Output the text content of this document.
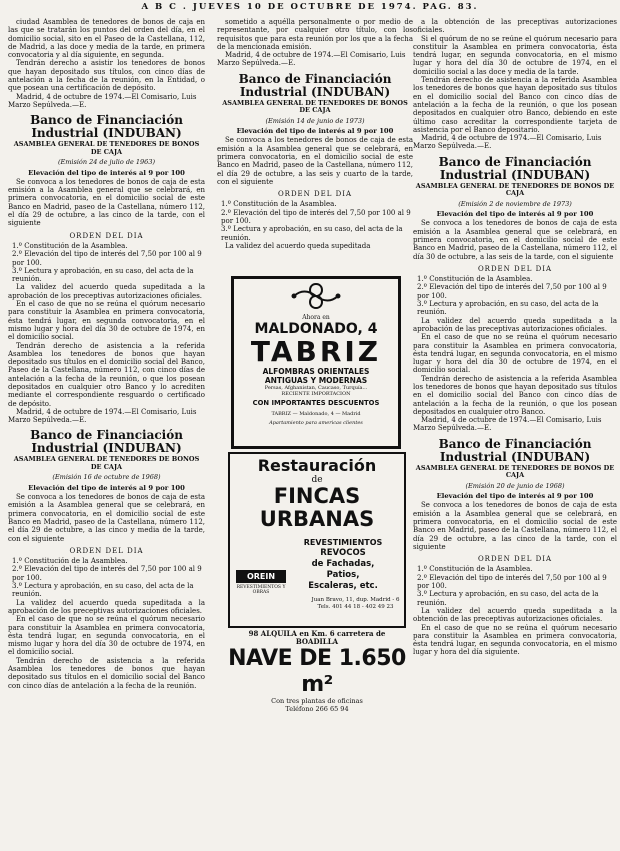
A B C . JUEVES 10 DE OCTUBRE DE 1974. PAG. 83.

ciudad Asamblea de tenedores de bonos de caja en las que se tratarán los puntos del orden del día, en el domicilio social, sito en el Paseo de la Castellana, 112, de Madrid, a las doce y media de la tarde, en primera convocatoria y al día siguiente, en segunda.

Tendrán derecho a asistir los tenedores de bonos que hayan depositado sus títulos, con cinco días de antelación a la fecha de la reunión, en la Entidad, o que posean una certificación de depósito.

Madrid, 4 de octubre de 1974.—El Comisario, Luis Marzo Sepúlveda.—E.

Banco de Financiación Industrial (INDUBAN)
ASAMBLEA GENERAL DE TENEDORES DE BONOS DE CAJA
(Emisión 24 de julio de 1963)
Elevación del tipo de interés al 9 por 100

Se convoca a los tenedores de bonos de caja de esta emisión a la Asamblea general que se celebrará, en primera convocatoria, en el domicilio social de este Banco en Madrid, paseo de la Castellana, número 112, el día 29 de octubre, a las cinco de la tarde, con el siguiente

ORDEN DEL DIA

1.º Constitución de la Asamblea.

2.º Elevación del tipo de interés del 7,50 por 100 al 9 por 100.

3.º Lectura y aprobación, en su caso, del acta de la reunión.

La validez del acuerdo queda supeditada a la aprobación de los preceptivas autorizaciones oficiales.

En el caso de que no se reúna el quórum necesario para constituir la Asamblea en primera convocatoria, ésta tendrá lugar, en segunda convocatoria, en el mismo lugar y hora del día 30 de octubre de 1974, en el domicilio social.

Tendrán derecho de asistencia a la referida Asamblea los tenedores de bonos que hayan depositado sus títulos en el domicilio social del Banco, Paseo de la Castellana, número 112, con cinco días de antelación a la fecha de la reunión, o que los posean depositados en cualquier otro Banco y lo acrediten mediante el correspondiente resguardo o certificado de depósito.

Madrid, 4 de octubre de 1974.—El Comisario, Luis Marzo Sepúlveda.—E.

Banco de Financiación Industrial (INDUBAN)
ASAMBLEA GENERAL DE TENEDORES DE BONOS DE CAJA
(Emisión 16 de octubre de 1968)
Elevación del tipo de interés al 9 por 100

Se convoca a los tenedores de bonos de caja de esta emisión a la Asamblea general que se celebrará, en primera convocatoria, en el domicilio social de este Banco en Madrid, paseo de la Castellana, número 112, el día 29 de octubre, a las cinco y media de la tarde, con el siguiente

ORDEN DEL DIA

1.º Constitución de la Asamblea.

2.º Elevación del tipo de interés del 7,50 por 100 al 9 por 100.

3.º Lectura y aprobación, en su caso, del acta de la reunión.

La validez del acuerdo queda supeditada a la aprobación de los preceptivas autorizaciones oficiales.

En el caso de que no se reúna el quórum necesario para constituir la Asamblea en primera convocatoria, ésta tendrá lugar, en segunda convocatoria, en el mismo lugar y hora del día 30 de octubre de 1974, en el domicilio social.

Tendrán derecho de asistencia a la referida Asamblea los tenedores de bonos que hayan depositado sus títulos en el domicilio social del Banco con cinco días de antelación a la fecha de la reunión.

sometido a aquélla personalmente o por medio de representante, por cualquier otro título, con los requisitos que para esta reunión por los que a la fecha de la mencionada emisión.

Madrid, 4 de octubre de 1974.—El Comisario, Luis Marzo Sepúlveda.—E.

Banco de Financiación Industrial (INDUBAN)
ASAMBLEA GENERAL DE TENEDORES DE BONOS DE CAJA
(Emisión 14 de junio de 1973)
Elevación del tipo de interés al 9 por 100

Se convoca a los tenedores de bonos de caja de esta emisión a la Asamblea general que se celebrará, en primera convocatoria, en el domicilio social de este Banco en Madrid, paseo de la Castellana, número 112, el día 29 de octubre, a las seis y cuarto de la tarde, con el siguiente

ORDEN DEL DIA

1.º Constitución de la Asamblea.

2.º Elevación del tipo de interés del 7,50 por 100 al 9 por 100.

3.º Lectura y aprobación, en su caso, del acta de la reunión.

La validez del acuerdo queda supeditada

Ahora en
MALDONADO, 4
TABRIZ
ALFOMBRAS ORIENTALES
ANTIGUAS Y MODERNAS
Persas, Afghanistan, Caucaso, Turquía...
RECIENTE IMPORTACION
CON IMPORTANTES DESCUENTOS
TABRIZ — Maldonado, 4 — Madrid
Apartamiento para americas clientes
Restauración
de
FINCAS
URBANAS
REVESTIMIENTOS
REVOCOS
de Fachadas,
Patios,
Escaleras, etc.
OREIN
REVESTIMIENTOS Y OBRAS
Juan Bravo, 11, dup. Madrid - 6
Tels. 401 44 18 - 402 49 23
98 ALQUILA en Km. 6 carretera de
BOADILLA
NAVE DE 1.650 m²
Con tres plantas de oficinas
Teléfono 266 65 94

a la obtención de las preceptivas autorizaciones oficiales.

Si el quórum de no se reúne el quórum necesario para constituir la Asamblea en primera convocatoria, ésta tendrá lugar, en segunda convocatoria, en el mismo lugar y hora del día 30 de octubre de 1974, en el domicilio social a las doce y media de la tarde.

Tendrán derecho de asistencia a la referida Asamblea los tenedores de bonos que hayan depositado sus títulos en el domicilio social del Banco con cinco días de antelación a la fecha de la reunión, o que los posean depositados en cualquier otro Banco, debiendo en este último caso acreditar la correspondiente tarjeta de asistencia por el Banco depositario.

Madrid, 4 de octubre de 1974.—El Comisario, Luis Marzo Sepúlveda.—E.

Banco de Financiación Industrial (INDUBAN)
ASAMBLEA GENERAL DE TENEDORES DE BONOS DE CAJA
(Emisión 2 de noviembre de 1973)
Elevación del tipo de interés al 9 por 100

Se convoca a los tenedores de bonos de caja de esta emisión a la Asamblea general que se celebrará, en primera convocatoria, en el domicilio social de este Banco en Madrid, paseo de la Castellana, número 112, el día 30 de octubre, a las seis de la tarde, con el siguiente

ORDEN DEL DIA

1.º Constitución de la Asamblea.

2.º Elevación del tipo de interés del 7,50 por 100 al 9 por 100.

3.º Lectura y aprobación, en su caso, del acta de la reunión.

La validez del acuerdo queda supeditada a la aprobación de las preceptivas autorizaciones oficiales.

En el caso de que no se reúna el quórum necesario para constituir la Asamblea en primera convocatoria, ésta tendrá lugar, en segunda convocatoria, en el mismo lugar y hora del día 30 de octubre de 1974, en el domicilio social.

Tendrán derecho de asistencia a la referida Asamblea los tenedores de bonos que hayan depositado sus títulos en el domicilio social del Banco con cinco días de antelación a la fecha de la reunión, o que los posean depositados en cualquier otro Banco.

Madrid, 4 de octubre de 1974.—El Comisario, Luis Marzo Sepúlveda.—E.

Banco de Financiación Industrial (INDUBAN)
ASAMBLEA GENERAL DE TENEDORES DE BONOS DE CAJA
(Emisión 20 de junio de 1968)
Elevación del tipo de interés al 9 por 100

Se convoca a los tenedores de bonos de caja de esta emisión a la Asamblea general que se celebrará, en primera convocatoria, en el domicilio social de este Banco en Madrid, paseo de la Castellana, número 112, el día 29 de octubre, a las cinco de la tarde, con el siguiente

ORDEN DEL DIA

1.º Constitución de la Asamblea.

2.º Elevación del tipo de interés del 7,50 por 100 al 9 por 100.

3.º Lectura y aprobación, en su caso, del acta de la reunión.

La validez del acuerdo queda supeditada a la obtención de las preceptivas autorizaciones oficiales.

En el caso de que no se reúna el quórum necesario para constituir la Asamblea en primera convocatoria, ésta tendrá lugar, en segunda convocatoria, en el mismo lugar y hora del día siguiente.
